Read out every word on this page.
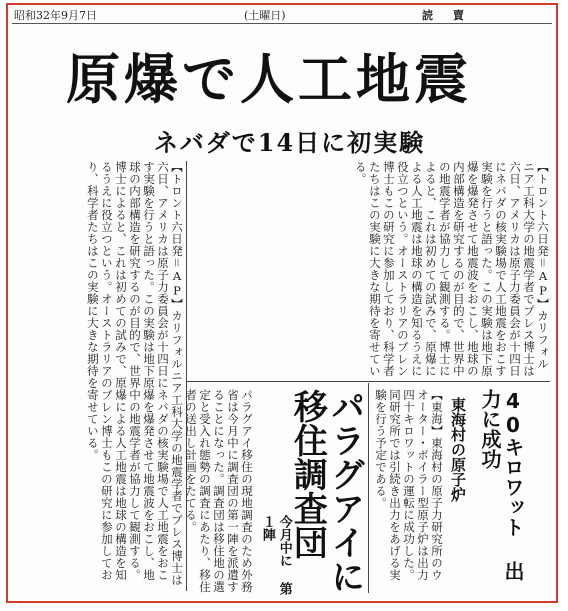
昭和32年9月7日	(土曜日)	読 賣
原爆で人工地震
ネバダで14日に初実験
【トロント六日発＝AP】カリフォルニア工科大学の地震学者でプレス博士は六日、アメリカは原子力委員会が十四日にネバダの核実験場で人工地震をおこす実験を行うと語った。この実験は地下原爆を爆発させて地震波をおこし、地球の内部構造を研究するのが目的で、世界中の地震学者が協力して観測する。博士によると、これは初めての試みで、原爆による人工地震は地球の構造を知るうえに役立つという。オーストラリアのブレン博士もこの研究に参加しており、科学者たちはこの実験に大きな期待を寄せている。
【トロント六日発＝AP】カリフォルニア工科大学の地震学者でプレス博士は六日、アメリカは原子力委員会が十四日にネバダの核実験場で人工地震をおこす実験を行うと語った。この実験は地下原爆を爆発させて地震波をおこし、地球の内部構造を研究するのが目的で、世界中の地震学者が協力して観測する。博士によると、これは初めての試みで、原爆による人工地震は地球の構造を知るうえに役立つという。オーストラリアのブレン博士もこの研究に参加しており、科学者たちはこの実験に大きな期待を寄せている。
40キロワット 出力に成功
東海村の原子炉
【東海】東海村の原子力研究所のウオーター・ボイラー型原子炉は出力四十キロワットの運転に成功した。同研究所では引続き出力をあげる実験を行う予定である。
パラグアイに 移住調査団
今月中に 第１陣
パラグアイ移住の現地調査のため外務省は今月中に調査団の第一陣を派遣することになった。調査団は移住地の選定と受入れ態勢の調査にあたり、移住者の送出し計画をたてる。
